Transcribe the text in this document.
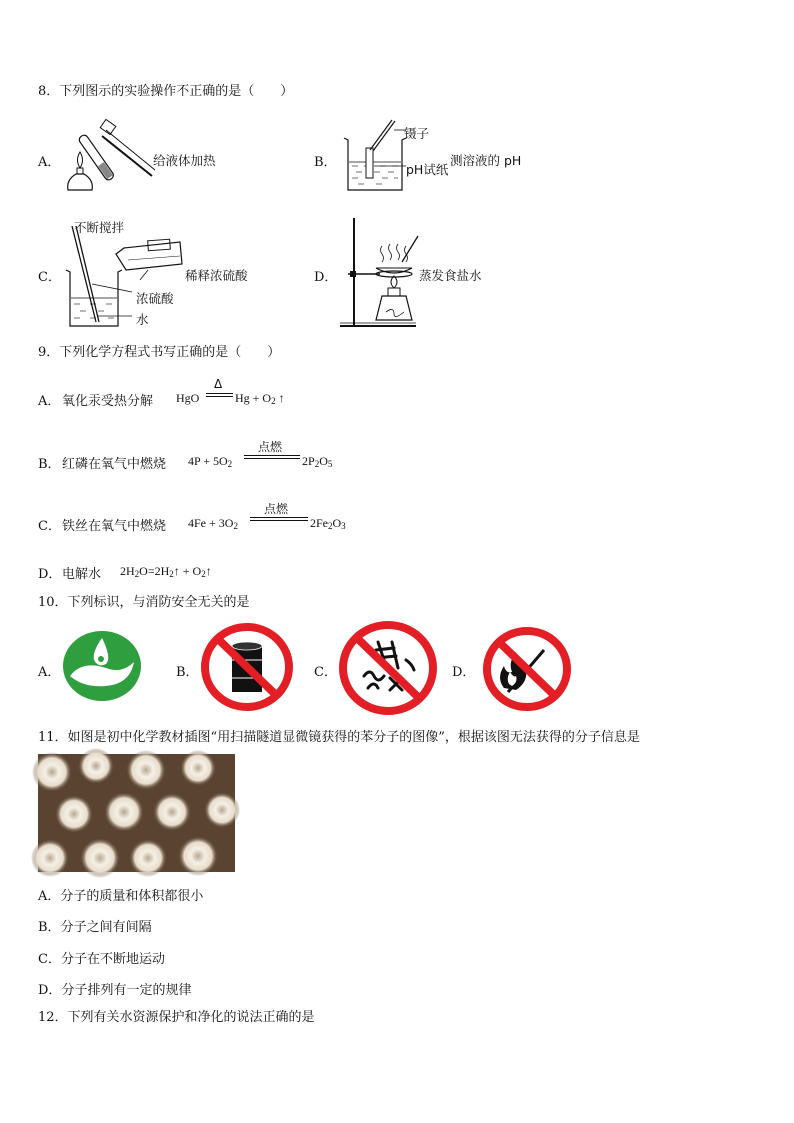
8．下列图示的实验操作不正确的是（　　）
A．	给液体加热	B．
镊子
pH试纸
测溶液的 pH
C．
不断搅拌
稀释浓硫酸
浓硫酸
水
D．	蒸发食盐水
9．下列化学方程式书写正确的是（　　）
A． 氧化汞受热分解 HgO
Δ
$Hg + O_2$ ↑
B． 红磷在氧气中燃烧 $4P + 5O_2$
点燃
$2P_2O_5$
C． 铁丝在氧气中燃烧 $4Fe + 3O_2$
点燃
$2Fe_2O_3$
D． 电解水 $2H_2O=2H_2↑$ + $O_2↑$
10．下列标识，与消防安全无关的是
A．	B．	C．	D．
11．如图是初中化学教材插图“用扫描隧道显微镜获得的苯分子的图像”，根据该图无法获得的分子信息是
A．分子的质量和体积都很小
B．分子之间有间隔
C．分子在不断地运动
D．分子排列有一定的规律
12．下列有关水资源保护和净化的说法正确的是
